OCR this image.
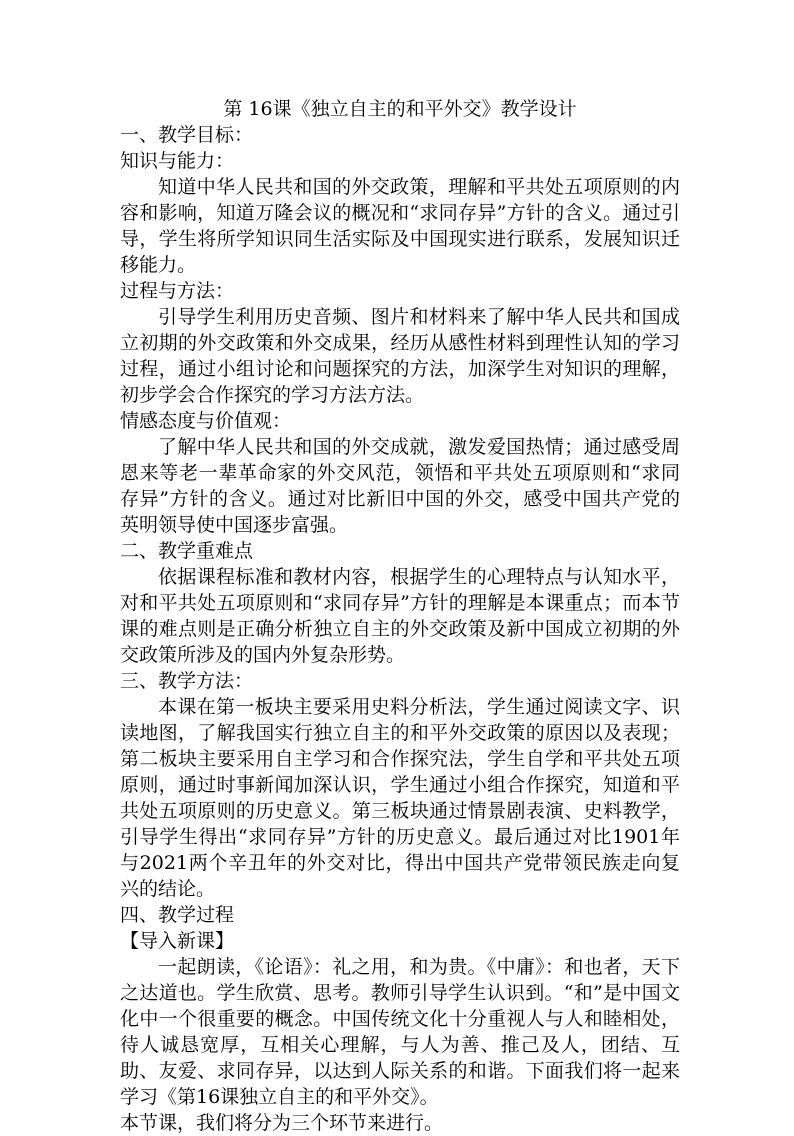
第 16课《独立自主的和平外交》教学设计

一、教学目标：

知识与能力：

知道中华人民共和国的外交政策，理解和平共处五项原则的内容和影响，知道万隆会议的概况和“求同存异”方针的含义。通过引导，学生将所学知识同生活实际及中国现实进行联系，发展知识迁移能力。

过程与方法：

引导学生利用历史音频、图片和材料来了解中华人民共和国成立初期的外交政策和外交成果，经历从感性材料到理性认知的学习过程，通过小组讨论和问题探究的方法，加深学生对知识的理解，初步学会合作探究的学习方法方法。

情感态度与价值观：

了解中华人民共和国的外交成就，激发爱国热情；通过感受周恩来等老一辈革命家的外交风范，领悟和平共处五项原则和“求同存异”方针的含义。通过对比新旧中国的外交，感受中国共产党的英明领导使中国逐步富强。

二、教学重难点

依据课程标准和教材内容，根据学生的心理特点与认知水平，对和平共处五项原则和“求同存异”方针的理解是本课重点；而本节课的难点则是正确分析独立自主的外交政策及新中国成立初期的外交政策所涉及的国内外复杂形势。

三、教学方法：

本课在第一板块主要采用史料分析法，学生通过阅读文字、识读地图，了解我国实行独立自主的和平外交政策的原因以及表现；第二板块主要采用自主学习和合作探究法，学生自学和平共处五项原则，通过时事新闻加深认识，学生通过小组合作探究，知道和平共处五项原则的历史意义。第三板块通过情景剧表演、史料教学，引导学生得出“求同存异”方针的历史意义。最后通过对比1901年与2021两个辛丑年的外交对比，得出中国共产党带领民族走向复兴的结论。

四、教学过程

【导入新课】

一起朗读，《论语》：礼之用，和为贵。《中庸》：和也者，天下之达道也。学生欣赏、思考。教师引导学生认识到。“和”是中国文化中一个很重要的概念。中国传统文化十分重视人与人和睦相处，待人诚恳宽厚，互相关心理解，与人为善、推己及人，团结、互助、友爱、求同存异，以达到人际关系的和谐。下面我们将一起来学习《第16课独立自主的和平外交》。

本节课，我们将分为三个环节来进行。
